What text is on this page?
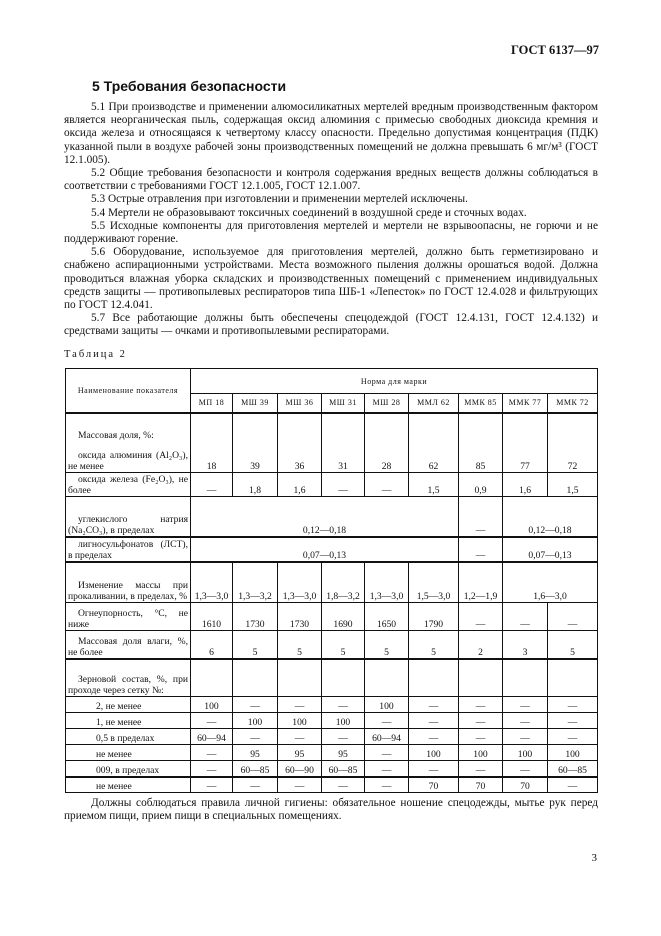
ГОСТ 6137—97
5 Требования безопасности

5.1 При производстве и применении алюмосиликатных мертелей вредным производственным фактором является неорганическая пыль, содержащая оксид алюминия с примесью свободных диоксида кремния и оксида железа и относящаяся к четвертому классу опасности. Предельно допустимая концентрация (ПДК) указанной пыли в воздухе рабочей зоны производственных помещений не должна превышать 6 мг/м³ (ГОСТ 12.1.005).

5.2 Общие требования безопасности и контроля содержания вредных веществ должны соблюдаться в соответствии с требованиями ГОСТ 12.1.005, ГОСТ 12.1.007.

5.3 Острые отравления при изготовлении и применении мертелей исключены.

5.4 Мертели не образовывают токсичных соединений в воздушной среде и сточных водах.

5.5 Исходные компоненты для приготовления мертелей и мертели не взрывоопасны, не горючи и не поддерживают горение.

5.6 Оборудование, используемое для приготовления мертелей, должно быть герметизировано и снабжено аспирационными устройствами. Места возможного пыления должны орошаться водой. Должна проводиться влажная уборка складских и производственных помещений с применением индивидуальных средств защиты — противопылевых респираторов типа ШБ-1 «Лепесток» по ГОСТ 12.4.028 и фильтрующих по ГОСТ 12.4.041.

5.7 Все работающие должны быть обеспечены спецодеждой (ГОСТ 12.4.131, ГОСТ 12.4.132) и средствами защиты — очками и противопылевыми респираторами.

Таблица 2
Наименование показателя	Норма для марки								
	МП 18	МШ 39	МШ 36	МШ 31	МШ 28	ММЛ 62	ММК 85	ММК 77	ММК 72

Массовая доля, %:
оксида алюминия (Al₂O₃), не менее	18	39	36	31	28	62	85	77	72
оксида железа (Fe₂O₃), не более	—	1,8	1,6	—	—	1,5	0,9	1,6	1,5
углекислого натрия (Na₂CO₃), в пределах	0,12—0,18						—	0,12—0,18	
лигносульфонатов (ЛСТ), в пределах	0,07—0,13						—	0,07—0,13	
Изменение массы при прокаливании, в пределах, %	1,3—3,0	1,3—3,2	1,3—3,0	1,8—3,2	1,3—3,0	1,5—3,0	1,2—1,9	1,6—3,0	
Огнеупорность, °С, не ниже	1610	1730	1730	1690	1650	1790	—	—	—
Массовая доля влаги, %, не более	6	5	5	5	5	5	2	3	5
Зерновой состав, %, при проходе через сетку №:									
2, не менее	100	—	—	—	100	—	—	—	—
1, не менее	—	100	100	100	—	—	—	—	—
0,5 в пределах	60—94	—	—	—	60—94	—	—	—	—
не менее	—	95	95	95	—	100	100	100	100
009, в пределах	—	60—85	60—90	60—85	—	—	—	—	60—85
не менее	—	—	—	—	—	70	70	70	—
Должны соблюдаться правила личной гигиены: обязательное ношение спецодежды, мытье рук перед приемом пищи, прием пищи в специальных помещениях.
3
